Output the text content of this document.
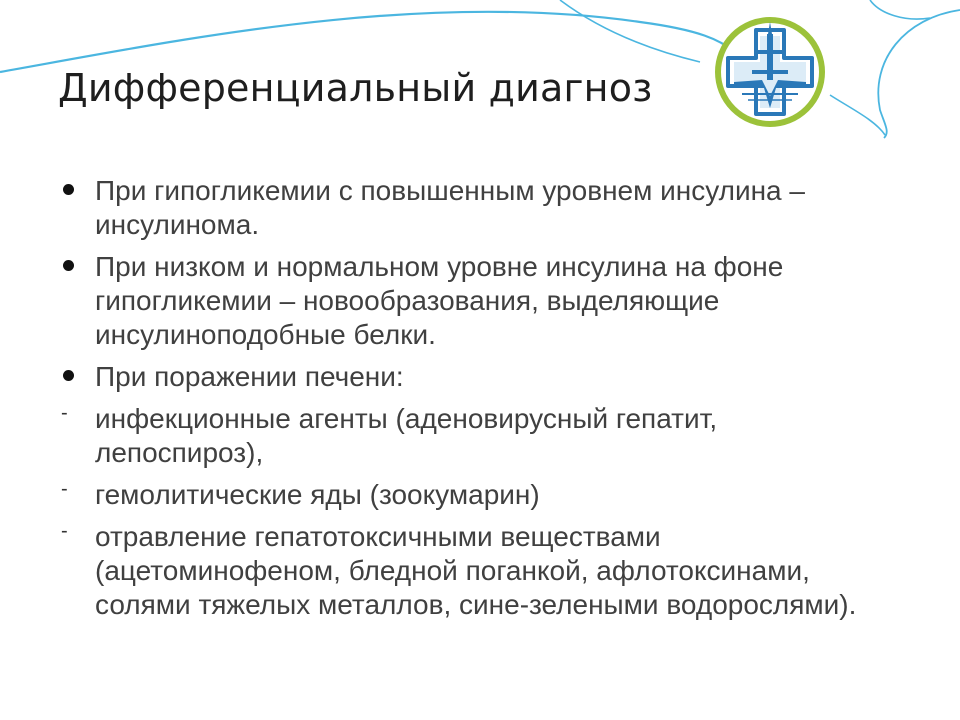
Дифференциальный диагноз
При гипогликемии с повышенным уровнем инсулина – инсулинома.
При низком и нормальном уровне инсулина на фоне гипогликемии – новообразования, выделяющие инсулиноподобные белки.
При поражении печени:
- инфекционные агенты (аденовирусный гепатит, лепоспироз),
- гемолитические яды (зоокумарин)
- отравление гепатотоксичными веществами (ацетоминофеном, бледной поганкой, афлотоксинами, солями тяжелых металлов, сине-зелеными водорослями).
